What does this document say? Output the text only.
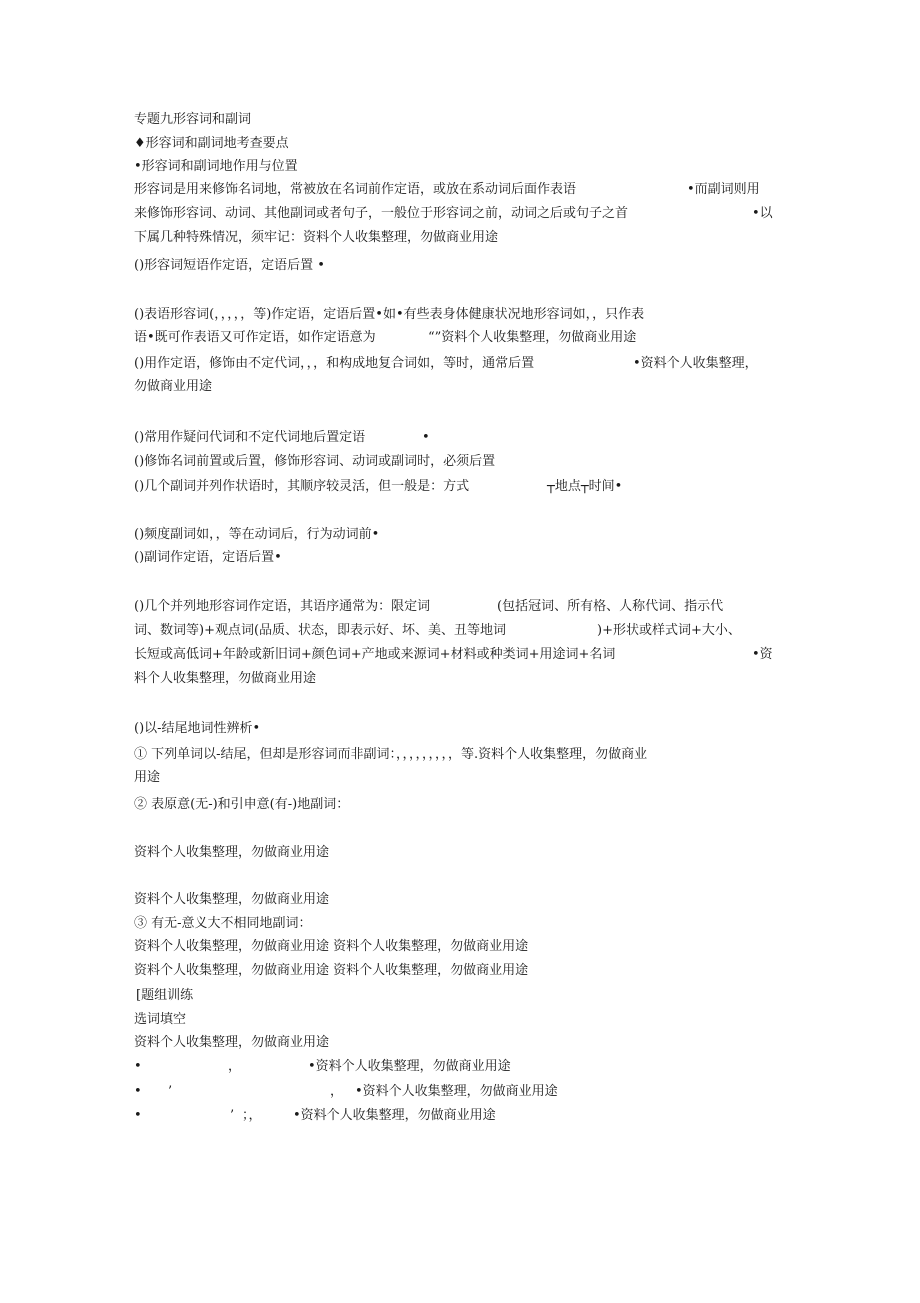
专题九形容词和副词
♦形容词和副词地考查要点
•形容词和副词地作用与位置
形容词是用来修饰名词地，常被放在名词前作定语，或放在系动词后面作表语	•而副词则用
来修饰形容词、动词、其他副词或者句子，一般位于形容词之前，动词之后或句子之首	•以
下属几种特殊情况，须牢记：资料个人收集整理，勿做商业用途
()形容词短语作定语，定语后置 •
()表语形容词(，，，，，等)作定语，定语后置•如•有些表身体健康状况地形容词如，，只作表
语•既可作表语又可作定语，如作定语意为	“”资料个人收集整理，勿做商业用途
()用作定语，修饰由不定代词，，，和构成地复合词如，等时，通常后置	•资料个人收集整理，
勿做商业用途
()常用作疑问代词和不定代词地后置定语	•
()修饰名词前置或后置，修饰形容词、动词或副词时，必须后置
()几个副词并列作状语时，其顺序较灵活，但一般是：方式	┬地点┬时间•
()频度副词如，，等在动词后，行为动词前•
()副词作定语，定语后置•
()几个并列地形容词作定语，其语序通常为：限定词	(包括冠词、所有格、人称代词、指示代
词、数词等)+观点词(品质、状态，即表示好、坏、美、丑等地词	)+形状或样式词+大小、
长短或高低词+年龄或新旧词+颜色词+产地或来源词+材料或种类词+用途词+名词	•资
料个人收集整理，勿做商业用途
()以-结尾地词性辨析•
① 下列单词以-结尾，但却是形容词而非副词：，，，，，，，，，等.资料个人收集整理，勿做商业
用途
② 表原意(无-)和引申意(有-)地副词：
资料个人收集整理，勿做商业用途
资料个人收集整理，勿做商业用途
③ 有无-意义大不相同地副词：
资料个人收集整理，勿做商业用途 资料个人收集整理，勿做商业用途
资料个人收集整理，勿做商业用途 资料个人收集整理，勿做商业用途
[题组训练
选词填空
资料个人收集整理，勿做商业用途
•	，	•资料个人收集整理，勿做商业用途
• ’	， •资料个人收集整理，勿做商业用途
•	’ ；， •资料个人收集整理，勿做商业用途
